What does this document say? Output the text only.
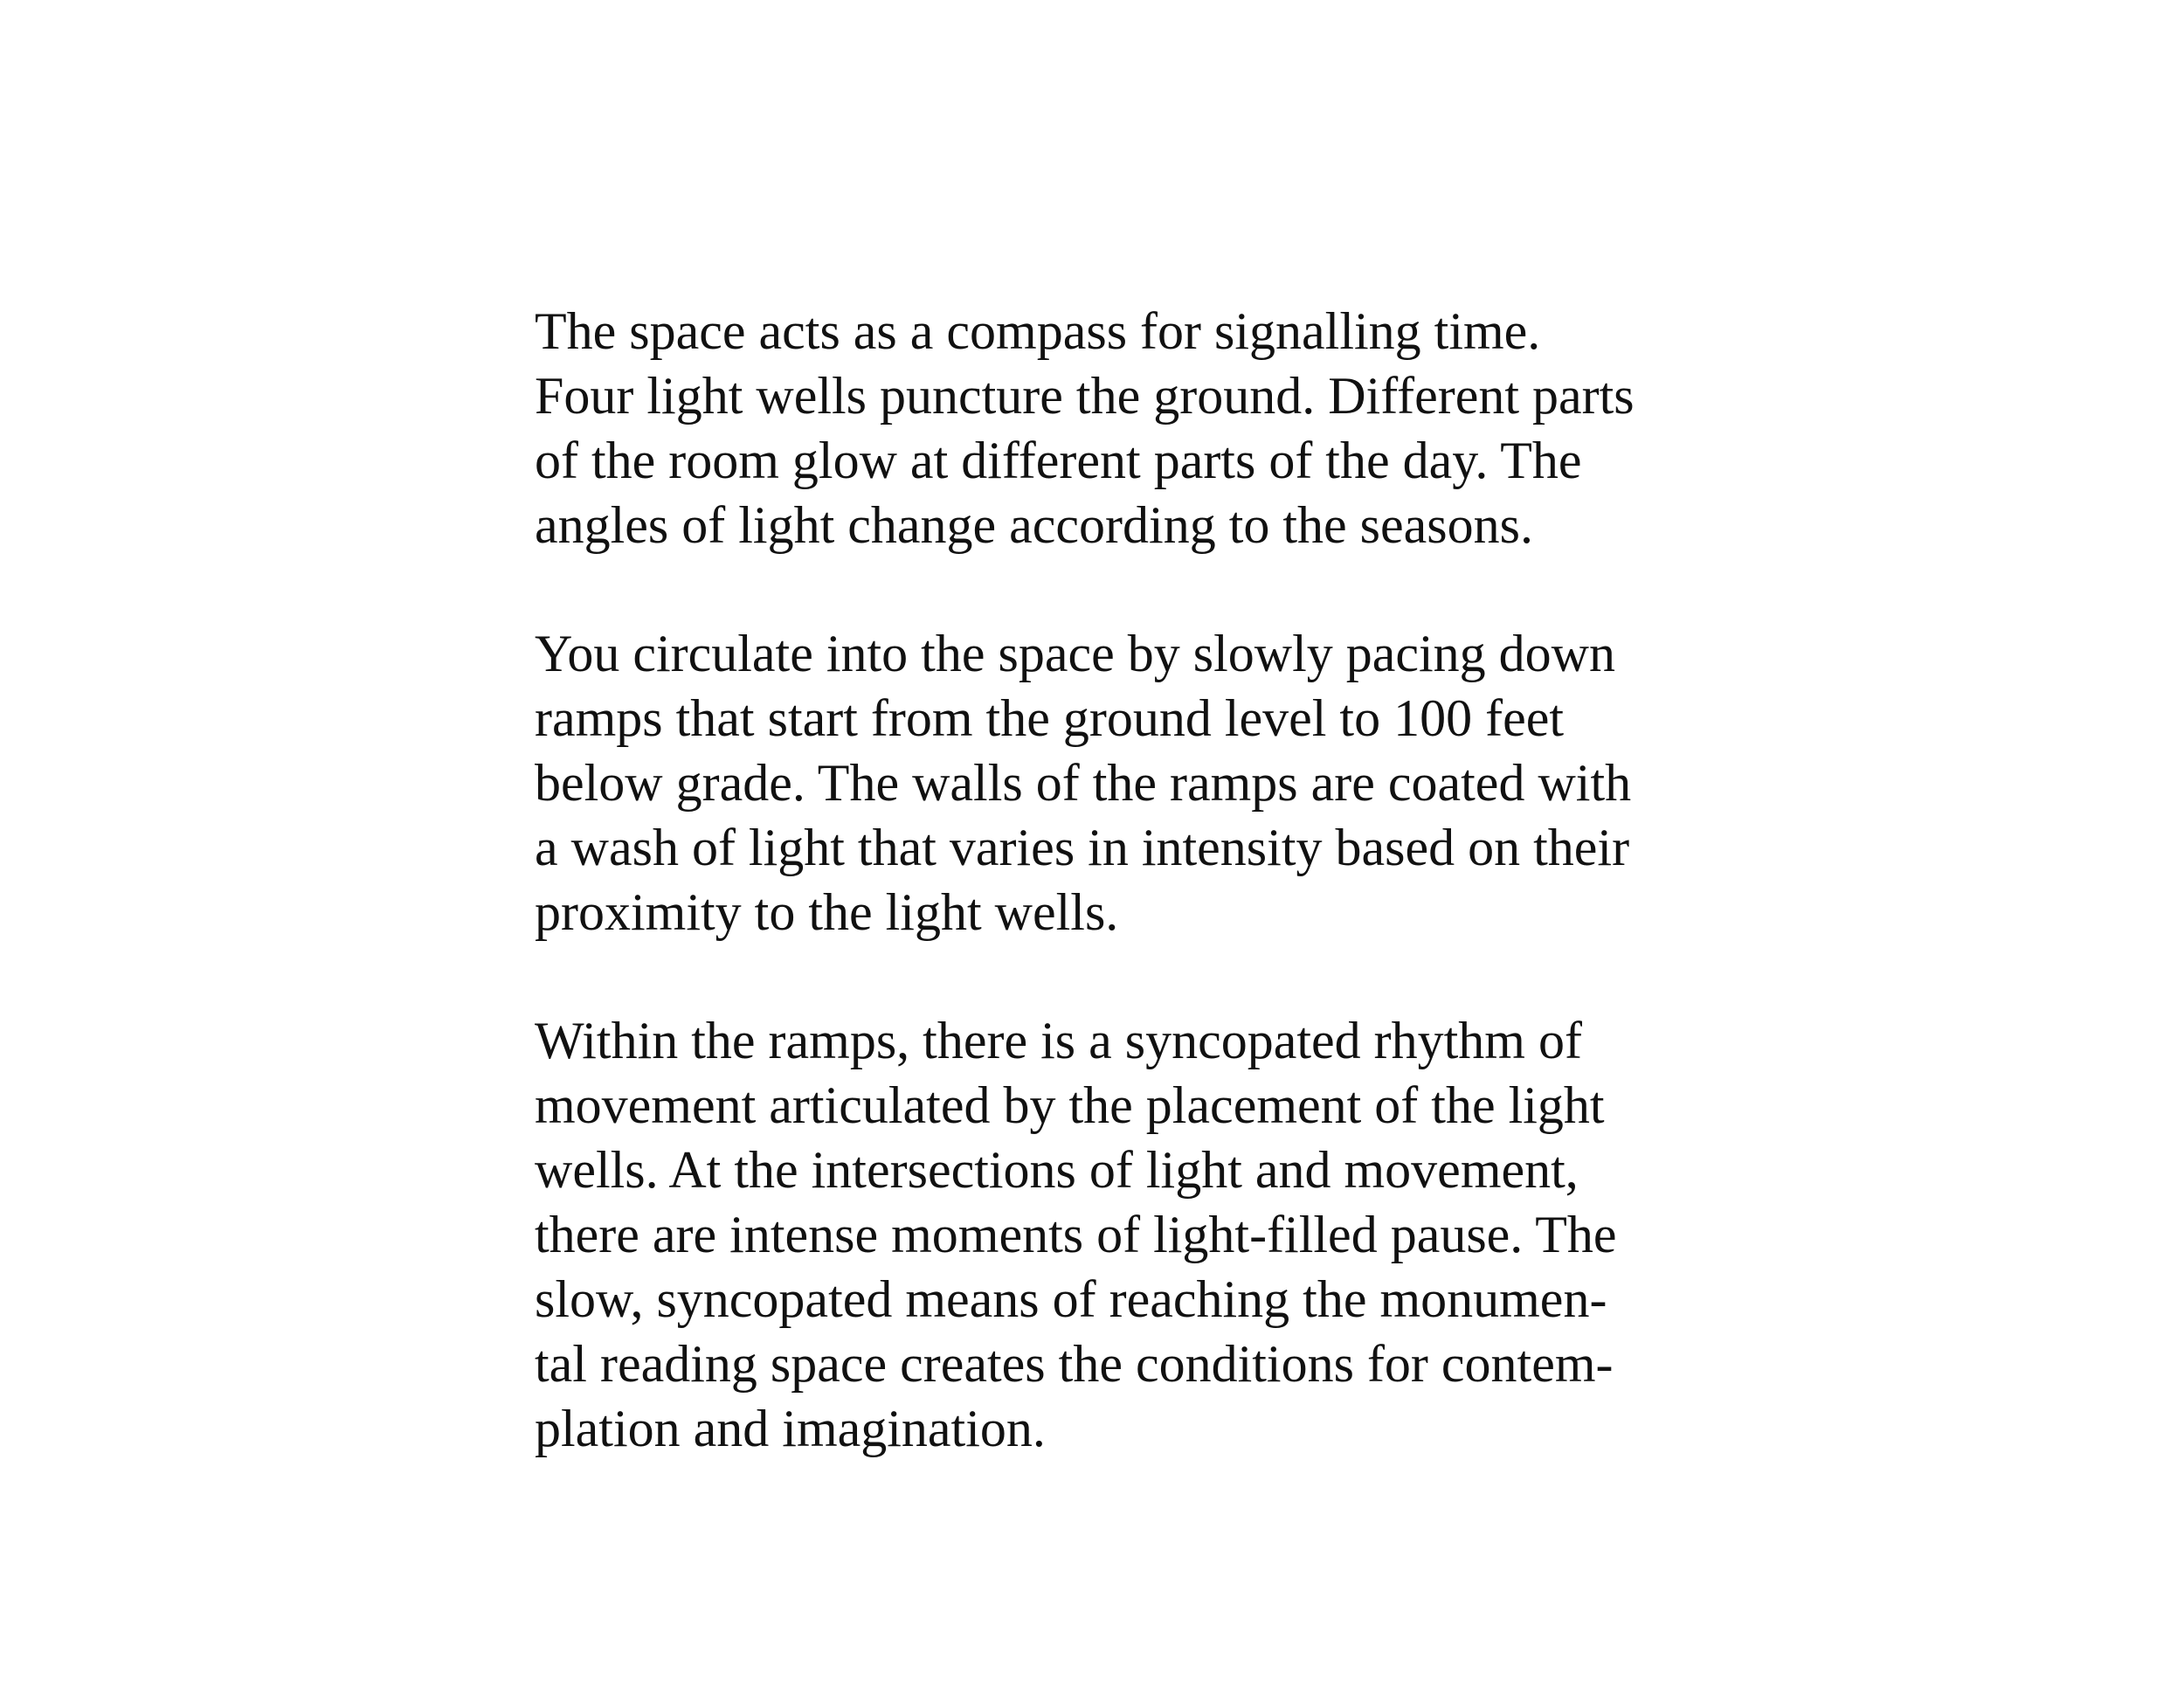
The space acts as a compass for signalling time.
Four light wells puncture the ground. Different parts
of the room glow at different parts of the day. The
angles of light change according to the seasons.

You circulate into the space by slowly pacing down
ramps that start from the ground level to 100 feet
below grade. The walls of the ramps are coated with
a wash of light that varies in intensity based on their
proximity to the light wells.

Within the ramps, there is a syncopated rhythm of
movement articulated by the placement of the light
wells. At the intersections of light and movement,
there are intense moments of light-filled pause. The
slow, syncopated means of reaching the monumen-
tal reading space creates the conditions for contem-
plation and imagination.
